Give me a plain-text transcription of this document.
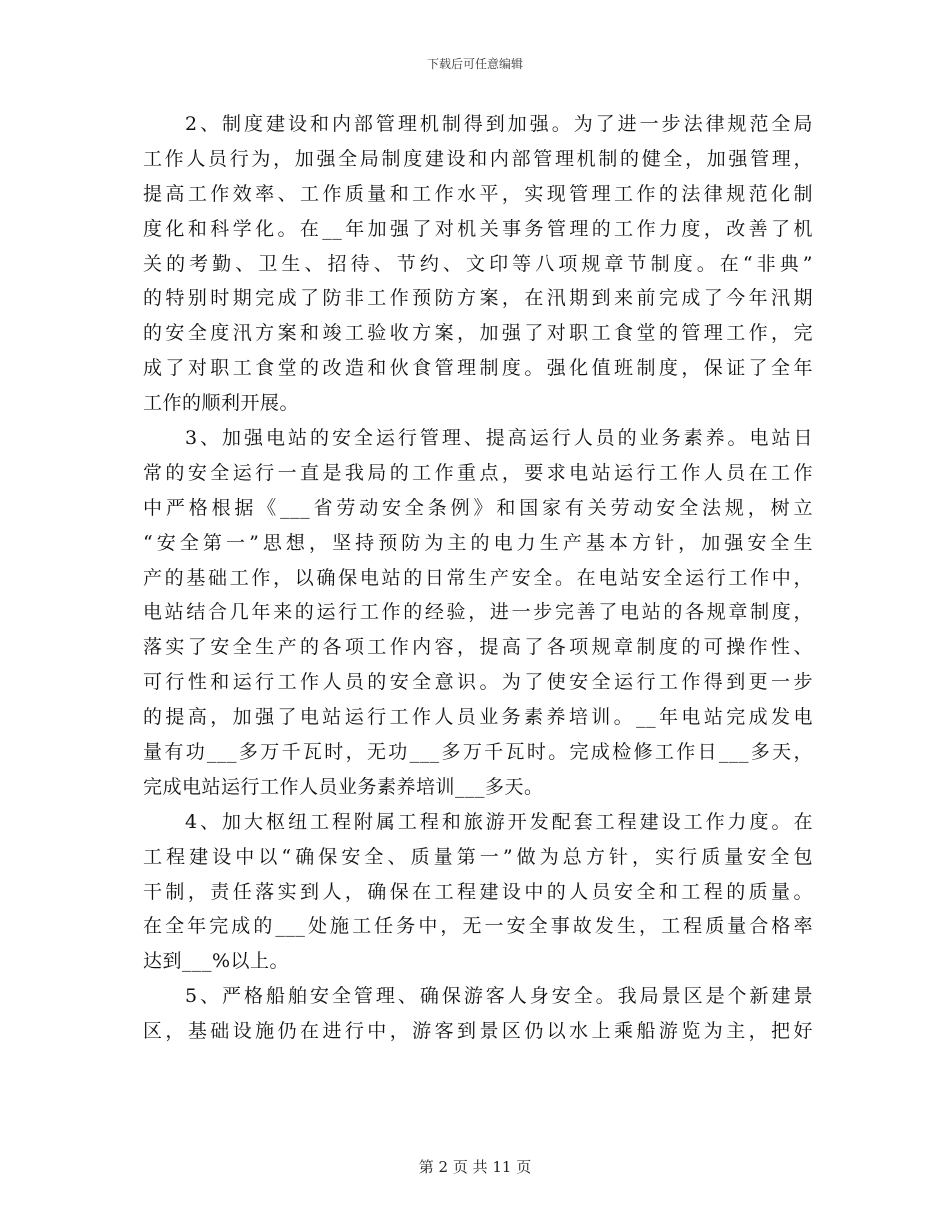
下载后可任意编辑
2、制度建设和内部管理机制得到加强。为了进一步法律规范全局
工作人员行为，加强全局制度建设和内部管理机制的健全，加强管理，
提高工作效率、工作质量和工作水平，实现管理工作的法律规范化制
度化和科学化。在__年加强了对机关事务管理的工作力度，改善了机
关的考勤、卫生、招待、节约、文印等八项规章节制度。在“非典”
的特别时期完成了防非工作预防方案，在汛期到来前完成了今年汛期
的安全度汛方案和竣工验收方案，加强了对职工食堂的管理工作，完
成了对职工食堂的改造和伙食管理制度。强化值班制度，保证了全年
工作的顺利开展。
3、加强电站的安全运行管理、提高运行人员的业务素养。电站日
常的安全运行一直是我局的工作重点，要求电站运行工作人员在工作
中严格根据《___省劳动安全条例》和国家有关劳动安全法规，树立
“安全第一”思想，坚持预防为主的电力生产基本方针，加强安全生
产的基础工作，以确保电站的日常生产安全。在电站安全运行工作中，
电站结合几年来的运行工作的经验，进一步完善了电站的各规章制度，
落实了安全生产的各项工作内容，提高了各项规章制度的可操作性、
可行性和运行工作人员的安全意识。为了使安全运行工作得到更一步
的提高，加强了电站运行工作人员业务素养培训。__年电站完成发电
量有功___多万千瓦时，无功___多万千瓦时。完成检修工作日___多天，
完成电站运行工作人员业务素养培训___多天。
4、加大枢纽工程附属工程和旅游开发配套工程建设工作力度。在
工程建设中以“确保安全、质量第一”做为总方针，实行质量安全包
干制，责任落实到人，确保在工程建设中的人员安全和工程的质量。
在全年完成的___处施工任务中，无一安全事故发生，工程质量合格率
达到___%以上。
5、严格船舶安全管理、确保游客人身安全。我局景区是个新建景
区，基础设施仍在进行中，游客到景区仍以水上乘船游览为主，把好
第 2 页 共 11 页
